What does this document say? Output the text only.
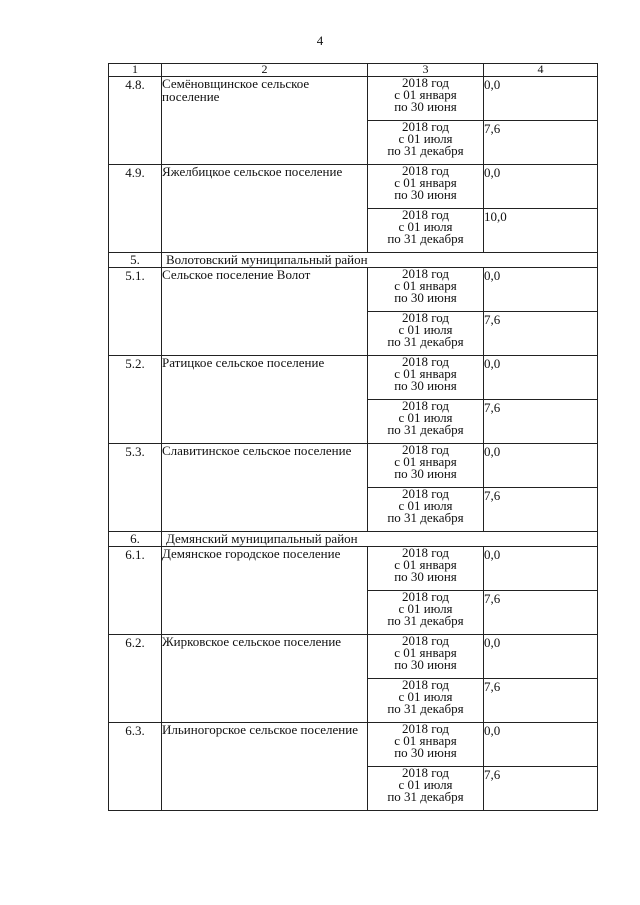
4
1	2	3	4
4.8.	Семёновщинское сельское поселение	2018 год
с 01 января
по 30 июня	0,0

		2018 год
с 01 июля
по 31 декабря	7,6
4.9.	Яжелбицкое сельское поселение	2018 год
с 01 января
по 30 июня	0,0

		2018 год
с 01 июля
по 31 декабря	10,0
5.	Волотовский муниципальный район		
5.1.	Сельское поселение Волот	2018 год
с 01 января
по 30 июня	0,0

		2018 год
с 01 июля
по 31 декабря	7,6
5.2.	Ратицкое сельское поселение	2018 год
с 01 января
по 30 июня	0,0

		2018 год
с 01 июля
по 31 декабря	7,6
5.3.	Славитинское сельское поселение	2018 год
с 01 января
по 30 июня	0,0

		2018 год
с 01 июля
по 31 декабря	7,6
6.	Демянский муниципальный район		
6.1.	Демянское городское поселение	2018 год
с 01 января
по 30 июня	0,0

		2018 год
с 01 июля
по 31 декабря	7,6
6.2.	Жирковское сельское поселение	2018 год
с 01 января
по 30 июня	0,0

		2018 год
с 01 июля
по 31 декабря	7,6
6.3.	Ильиногорское сельское поселение	2018 год
с 01 января
по 30 июня	0,0

		2018 год
с 01 июля
по 31 декабря	7,6
